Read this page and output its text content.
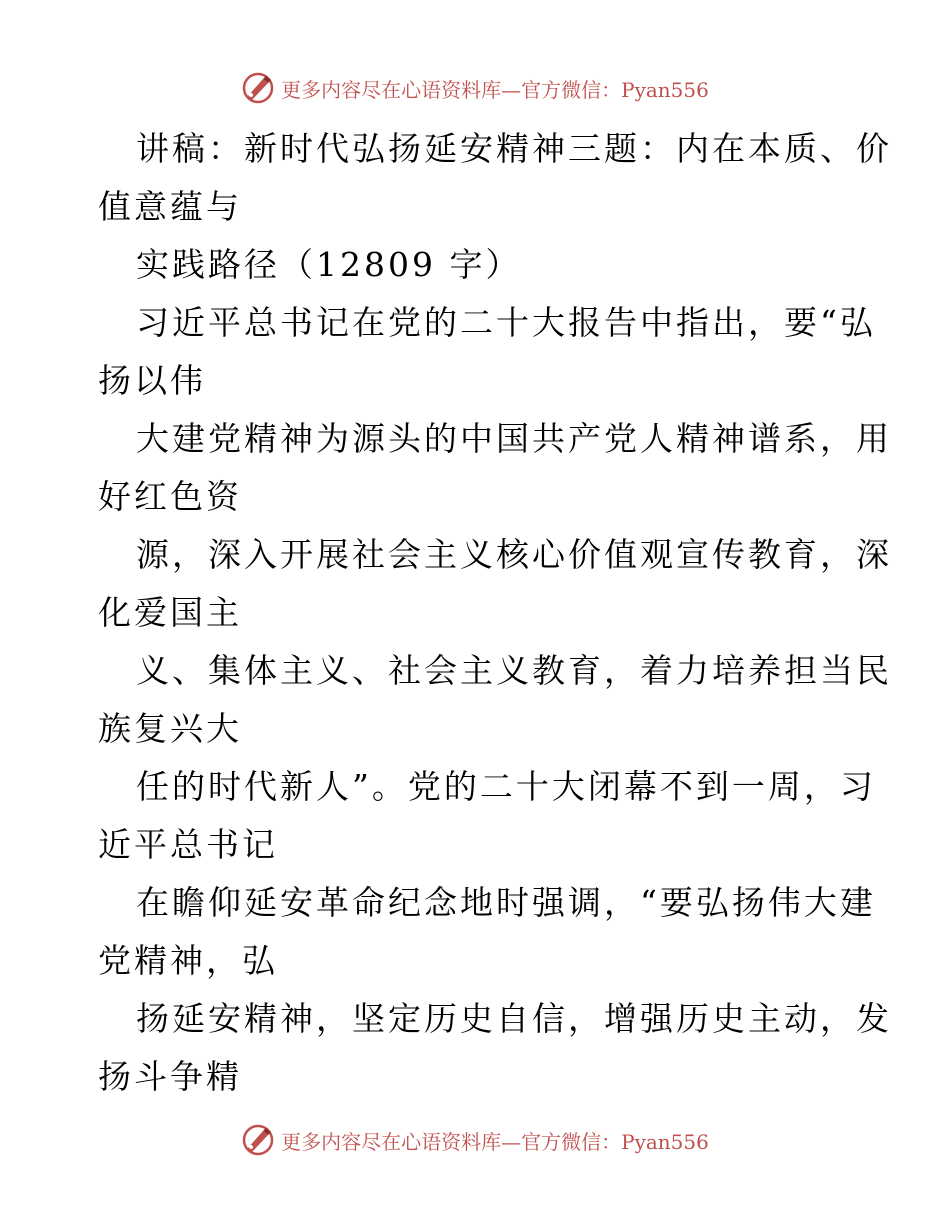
更多内容尽在心语资料库—官方微信：Pyan556
讲稿：新时代弘扬延安精神三题：内在本质、价
值意蕴与
实践路径（12809 字）
习近平总书记在党的二十大报告中指出，要“弘
扬以伟
大建党精神为源头的中国共产党人精神谱系，用
好红色资
源，深入开展社会主义核心价值观宣传教育，深
化爱国主
义、集体主义、社会主义教育，着力培养担当民
族复兴大
任的时代新人”。党的二十大闭幕不到一周，习
近平总书记
在瞻仰延安革命纪念地时强调，“要弘扬伟大建
党精神，弘
扬延安精神，坚定历史自信，增强历史主动，发
扬斗争精
更多内容尽在心语资料库—官方微信：Pyan556
